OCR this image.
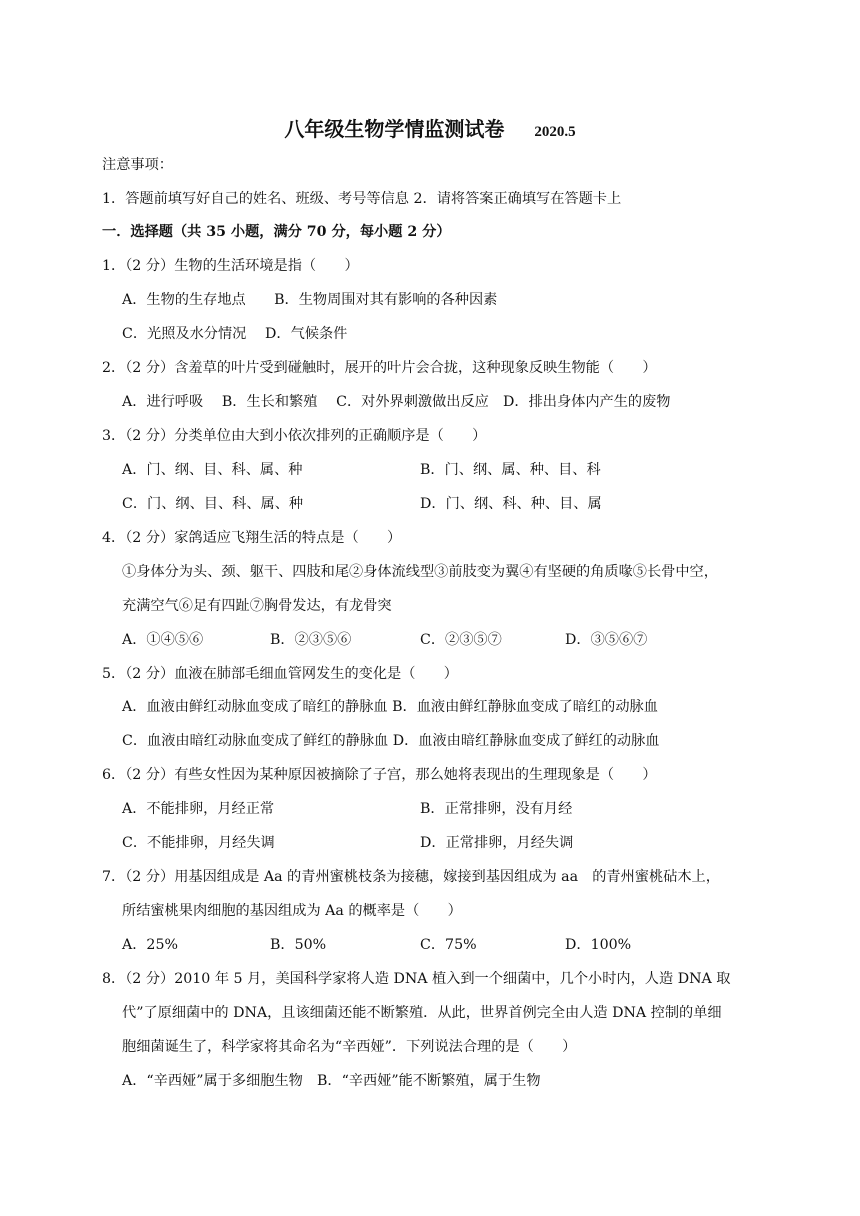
八年级生物学情监测试卷 2020.5
注意事项：
1．答题前填写好自己的姓名、班级、考号等信息 2．请将答案正确填写在答题卡上
一．选择题（共 35 小题，满分 70 分，每小题 2 分）
1．（2 分）生物的生活环境是指（　　）
A．生物的生存地点　　B．生物周围对其有影响的各种因素
C．光照及水分情况　 D．气候条件
2．（2 分）含羞草的叶片受到碰触时，展开的叶片会合拢，这种现象反映生物能（　　）
A．进行呼吸　 B．生长和繁殖　 C．对外界刺激做出反应　D．排出身体内产生的废物
3．（2 分）分类单位由大到小依次排列的正确顺序是（　　）
A．门、纲、目、科、属、种	B．门、纲、属、种、目、科
C．门、纲、目、科、属、种	D．门、纲、科、种、目、属
4．（2 分）家鸽适应飞翔生活的特点是（　　）
①身体分为头、颈、躯干、四肢和尾②身体流线型③前肢变为翼④有坚硬的角质喙⑤长骨中空，
充满空气⑥足有四趾⑦胸骨发达，有龙骨突
A．①④⑤⑥	B．②③⑤⑥	C．②③⑤⑦	D．③⑤⑥⑦
5．（2 分）血液在肺部毛细血管网发生的变化是（　　）
A．血液由鲜红动脉血变成了暗红的静脉血 B．血液由鲜红静脉血变成了暗红的动脉血
C．血液由暗红动脉血变成了鲜红的静脉血 D．血液由暗红静脉血变成了鲜红的动脉血
6．（2 分）有些女性因为某种原因被摘除了子宫，那么她将表现出的生理现象是（　　）
A．不能排卵，月经正常	B．正常排卵，没有月经
C．不能排卵，月经失调	D．正常排卵，月经失调
7．（2 分）用基因组成是 Aa 的青州蜜桃枝条为接穗，嫁接到基因组成为 aa　的青州蜜桃砧木上，
所结蜜桃果肉细胞的基因组成为 Aa 的概率是（　　）
A．25%	B．50%	C．75%	D．100%
8．（2 分）2010 年 5 月，美国科学家将人造 DNA 植入到一个细菌中，几个小时内，人造 DNA 取
代”了原细菌中的 DNA，且该细菌还能不断繁殖．从此，世界首例完全由人造 DNA 控制的单细
胞细菌诞生了，科学家将其命名为“辛西娅”．下列说法合理的是（　　）
A．“辛西娅”属于多细胞生物　B．“辛西娅”能不断繁殖，属于生物
